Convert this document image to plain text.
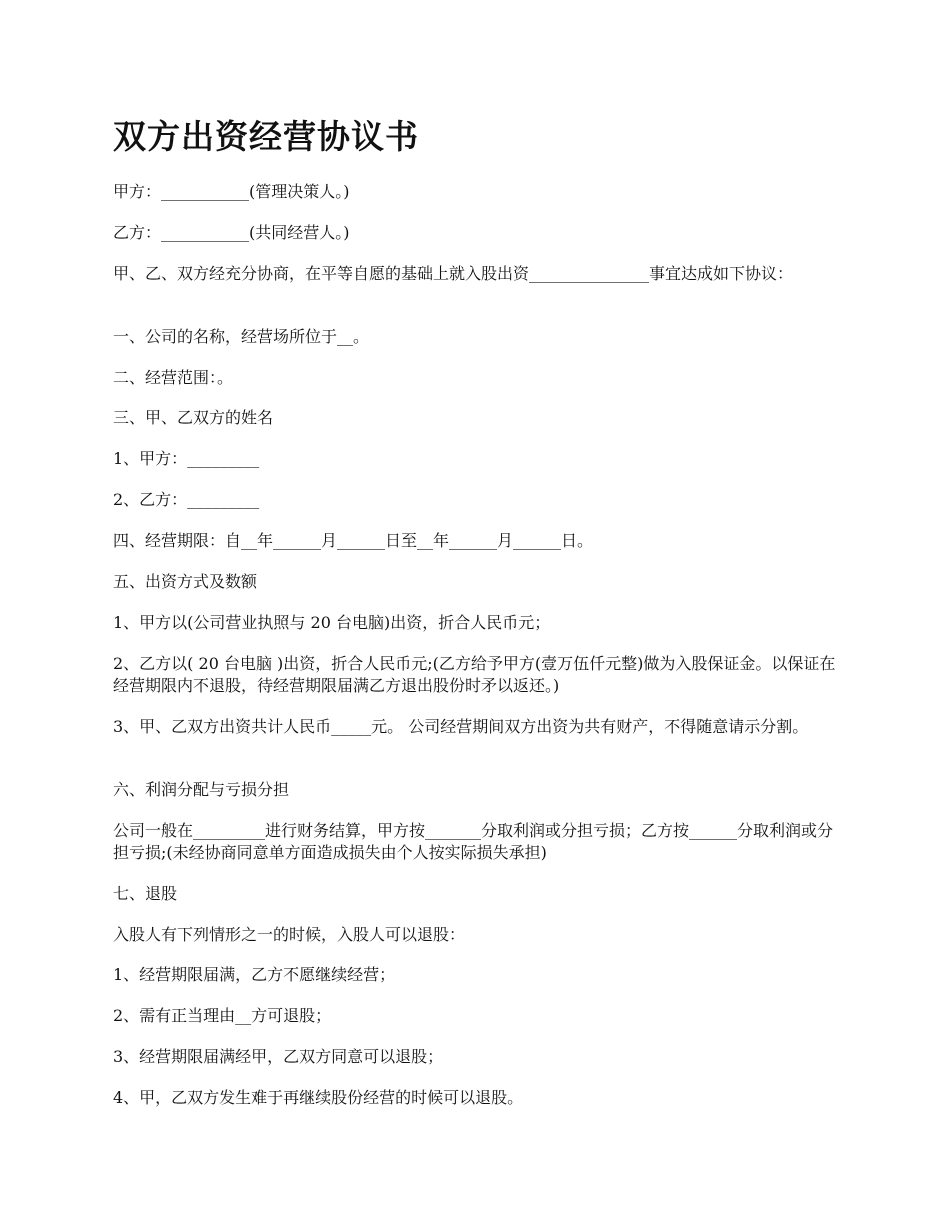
双方出资经营协议书

甲方：___________(管理决策人。)

乙方：___________(共同经营人。)

甲、乙、双方经充分协商，在平等自愿的基础上就入股出资_______________事宜达成如下协议：

一、公司的名称，经营场所位于__。

二、经营范围：。

三、甲、乙双方的姓名

1、甲方：_________

2、乙方：_________

四、经营期限：自__年______月______日至__年______月______日。

五、出资方式及数额

1、甲方以(公司营业执照与 20 台电脑)出资，折合人民币元；

2、乙方以( 20 台电脑 )出资，折合人民币元;(乙方给予甲方(壹万伍仟元整)做为入股保证金。以保证在经营期限内不退股，待经营期限届满乙方退出股份时矛以返还。)

3、甲、乙双方出资共计人民币_____元。 公司经营期间双方出资为共有财产，不得随意请示分割。

六、利润分配与亏损分担

公司一般在_________进行财务结算，甲方按_______分取利润或分担亏损；乙方按______分取利润或分担亏损;(未经协商同意单方面造成损失由个人按实际损失承担)

七、退股

入股人有下列情形之一的时候，入股人可以退股：

1、经营期限届满，乙方不愿继续经营；

2、需有正当理由__方可退股；

3、经营期限届满经甲，乙双方同意可以退股；

4、甲，乙双方发生难于再继续股份经营的时候可以退股。
